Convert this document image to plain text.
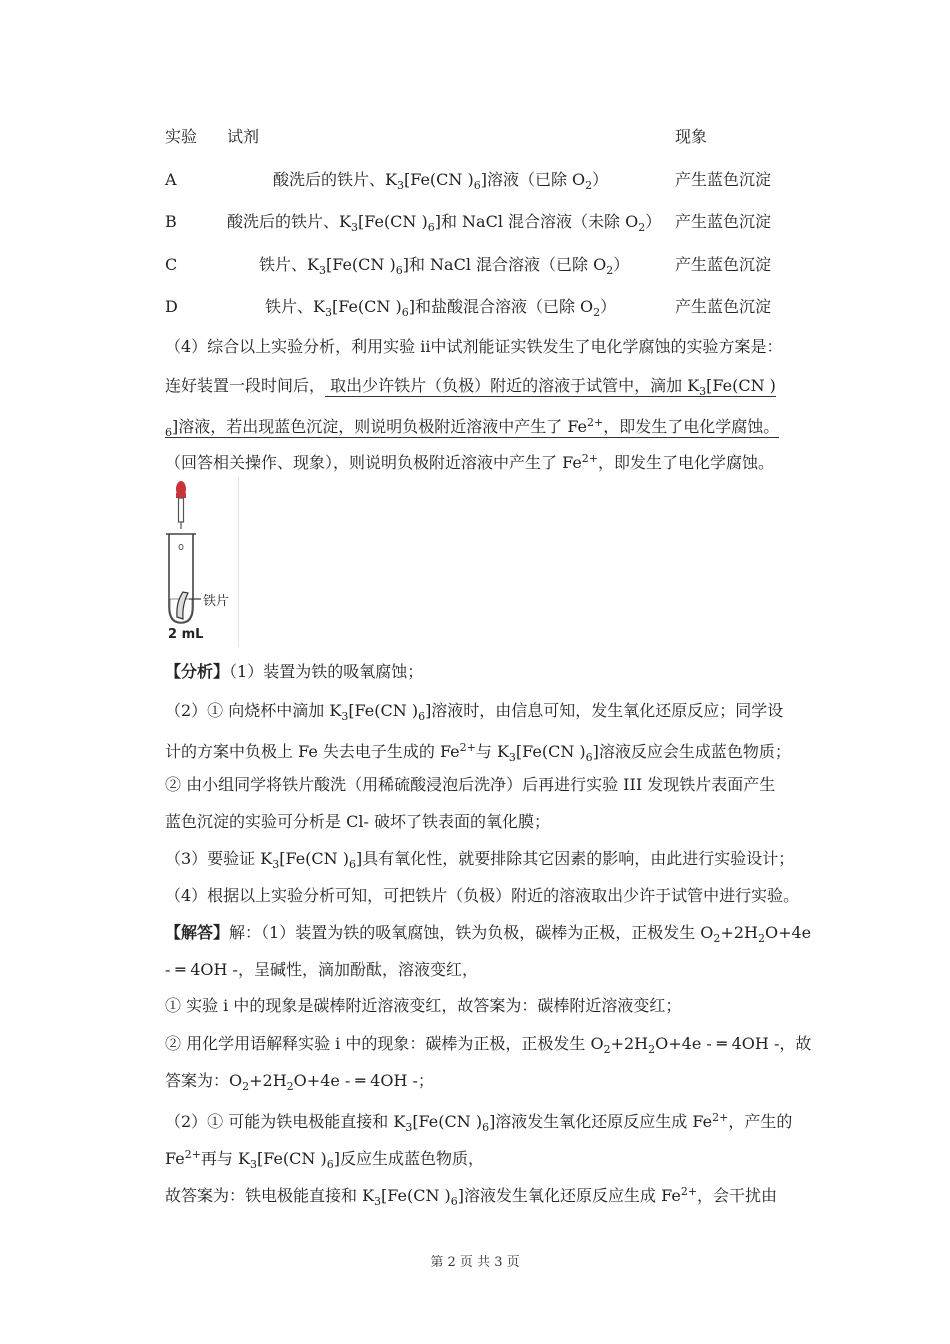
实验 试剂	现象
A	酸洗后的铁片、$K_3[Fe(CN$ )$_6$]溶液（已除 $O_2$）	产生蓝色沉淀
B	酸洗后的铁片、$K_3[Fe(CN$ )$_6$]和 NaCl 混合溶液（未除 $O_2$） 产生蓝色沉淀
C	铁片、$K_3[Fe(CN$ )$_6$]和 NaCl 混合溶液（已除 $O_2$）	产生蓝色沉淀
D	铁片、$K_3[Fe(CN$ )$_6$]和盐酸混合溶液（已除 $O_2$）	产生蓝色沉淀
（4）综合以上实验分析，利用实验 ii中试剂能证实铁发生了电化学腐蚀的实验方案是：
连好装置一段时间后， 取出少许铁片（负极）附近的溶液于试管中，滴加 $K_3[Fe(CN$ )
$_6$]溶液，若出现蓝色沉淀，则说明负极附近溶液中产生了 $Fe^{2+}$，即发生了电化学腐蚀。
（回答相关操作、现象），则说明负极附近溶液中产生了 $Fe^{2+}$，即发生了电化学腐蚀。
铁片
2 mL
【分析】（1）装置为铁的吸氧腐蚀；
（2）① 向烧杯中滴加 $K_3[Fe(CN$ )$_6$]溶液时，由信息可知，发生氧化还原反应；同学设
计的方案中负极上 Fe 失去电子生成的 $Fe^{2+}$与 $K_3[Fe(CN$ )$_6$]溶液反应会生成蓝色物质；
② 由小组同学将铁片酸洗（用稀硫酸浸泡后洗净）后再进行实验 III 发现铁片表面产生
蓝色沉淀的实验可分析是 Cl- 破坏了铁表面的氧化膜；
（3）要验证 $K_3[Fe(CN$ )$_6$]具有氧化性，就要排除其它因素的影响，由此进行实验设计；
（4）根据以上实验分析可知，可把铁片（负极）附近的溶液取出少许于试管中进行实验。
【解答】解：（1）装置为铁的吸氧腐蚀，铁为负极，碳棒为正极，正极发生 $O_2+2H_2O+4e$
- ═ 4OH -，呈碱性，滴加酚酞，溶液变红，
① 实验 i 中的现象是碳棒附近溶液变红，故答案为：碳棒附近溶液变红；
② 用化学用语解释实验 i 中的现象：碳棒为正极，正极发生 $O_2+2H_2O+4e$ - ═ 4OH -，故
答案为：$O_2+2H_2O+4e$ - ═ 4OH -；
（2）① 可能为铁电极能直接和 $K_3[Fe(CN$ )$_6$]溶液发生氧化还原反应生成 $Fe^{2+}$，产生的
$Fe^{2+}$再与 $K_3[Fe(CN$ )$_6$]反应生成蓝色物质，
故答案为：铁电极能直接和 $K_3[Fe(CN$ )$_6$]溶液发生氧化还原反应生成 $Fe^{2+}$，会干扰由
第 2 页 共 3 页
